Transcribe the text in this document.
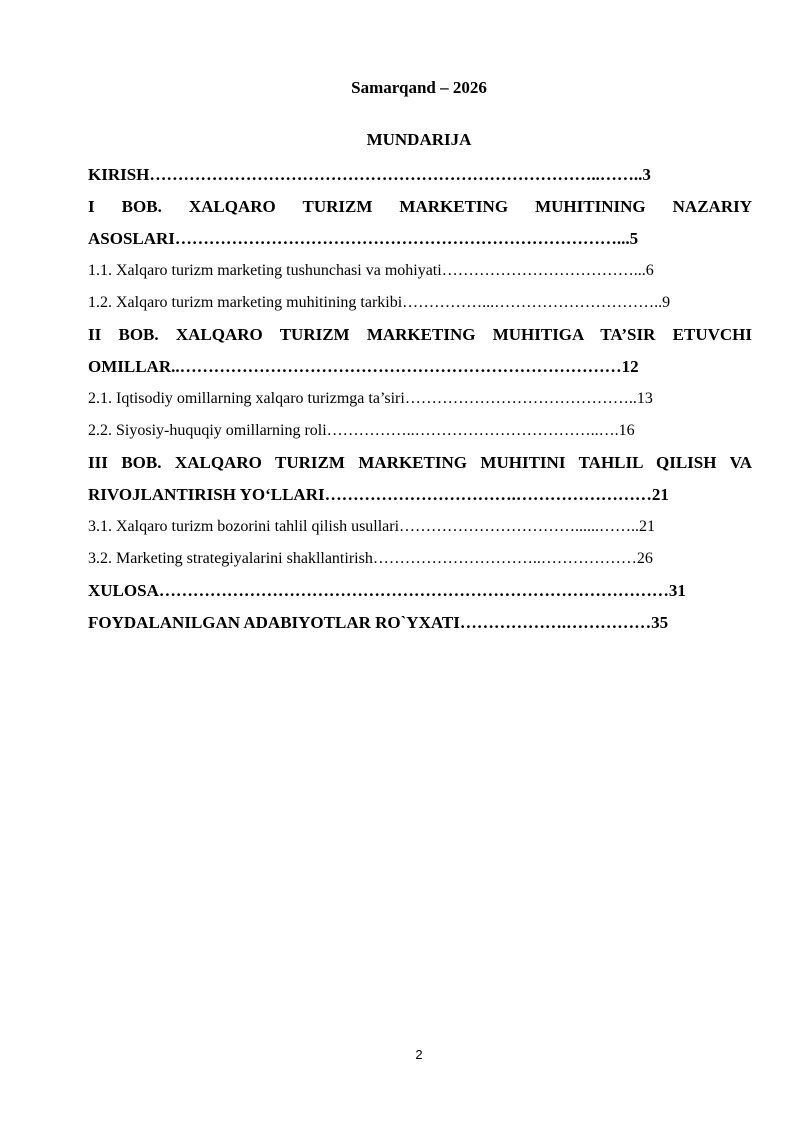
Samarqand – 2026
MUNDARIJA
KIRISH……………………………………………………………………..……..3
I BOB. XALQARO TURIZM MARKETING MUHITINING NAZARIY
ASOSLARI……………………………………………………………………...5
1.1. Xalqaro turizm marketing tushunchasi va mohiyati………………………………...6
1.2. Xalqaro turizm marketing muhitining tarkibi……………...…………………………..9
II BOB. XALQARO TURIZM MARKETING MUHITIGA TA’SIR ETUVCHI
OMILLAR..……………………………………………………………………12
2.1. Iqtisodiy omillarning xalqaro turizmga ta’siri……………………………………..13
2.2. Siyosiy-huquqiy omillarning roli……………..……………………………..….16
III BOB. XALQARO TURIZM MARKETING MUHITINI TAHLIL QILISH VA
RIVOJLANTIRISH YO‘LLARI…………………………….……………………21
3.1. Xalqaro turizm bozorini tahlil qilish usullari……………………………......……..21
3.2. Marketing strategiyalarini shakllantirish…………………………..………………26
XULOSA………………………………………………………………………………31
FOYDALANILGAN ADABIYOTLAR RO`YXATI……………….……………35
2
